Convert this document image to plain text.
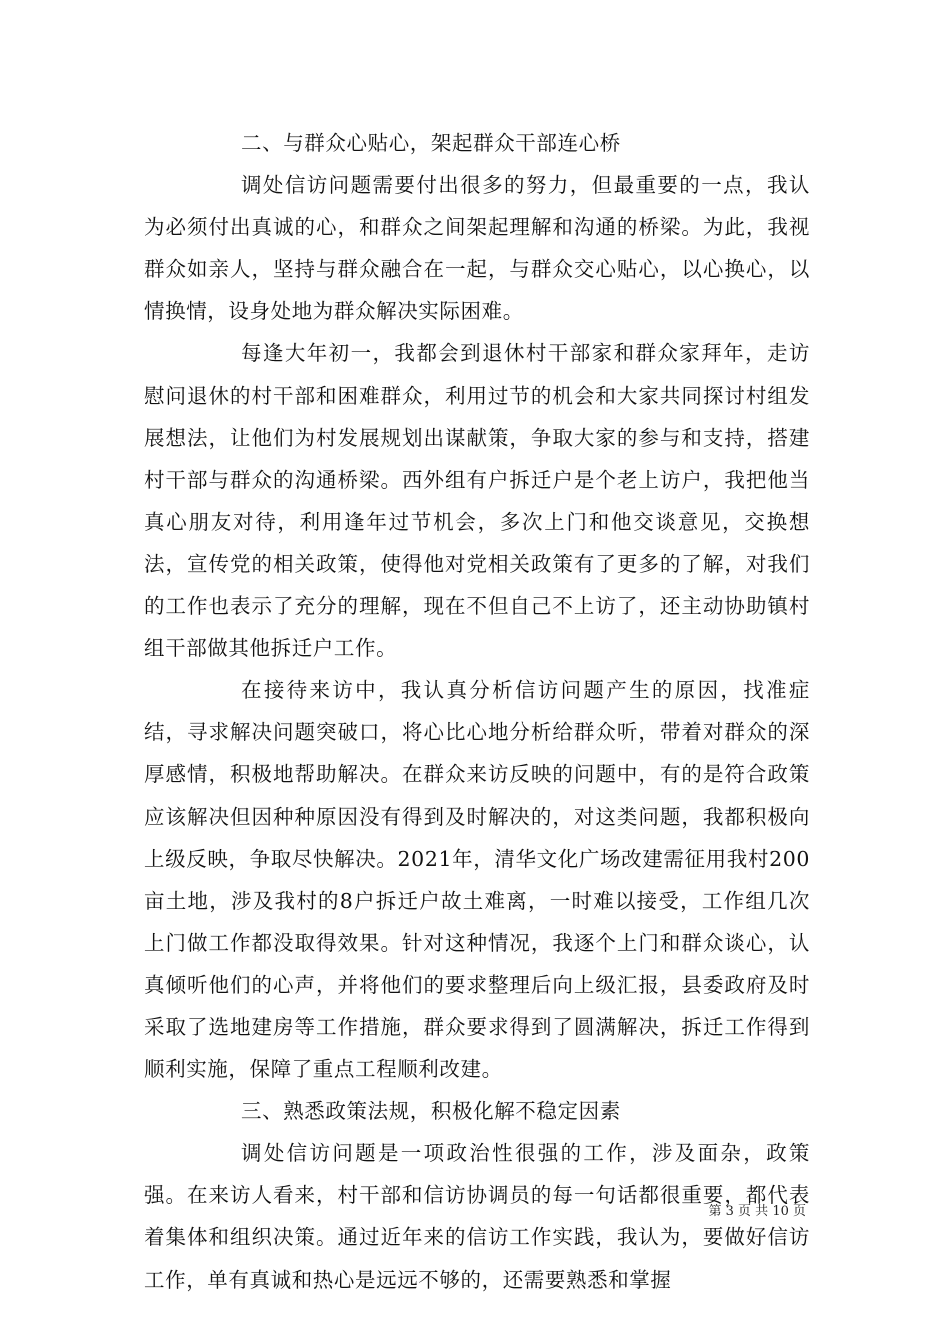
二、与群众心贴心，架起群众干部连心桥

调处信访问题需要付出很多的努力，但最重要的一点，我认为必须付出真诚的心，和群众之间架起理解和沟通的桥梁。为此，我视群众如亲人，坚持与群众融合在一起，与群众交心贴心，以心换心，以情换情，设身处地为群众解决实际困难。

每逢大年初一，我都会到退休村干部家和群众家拜年，走访慰问退休的村干部和困难群众，利用过节的机会和大家共同探讨村组发展想法，让他们为村发展规划出谋献策，争取大家的参与和支持，搭建村干部与群众的沟通桥梁。西外组有户拆迁户是个老上访户，我把他当真心朋友对待，利用逢年过节机会，多次上门和他交谈意见，交换想法，宣传党的相关政策，使得他对党相关政策有了更多的了解，对我们的工作也表示了充分的理解，现在不但自己不上访了，还主动协助镇村组干部做其他拆迁户工作。

在接待来访中，我认真分析信访问题产生的原因，找准症结，寻求解决问题突破口，将心比心地分析给群众听，带着对群众的深厚感情，积极地帮助解决。在群众来访反映的问题中，有的是符合政策应该解决但因种种原因没有得到及时解决的，对这类问题，我都积极向上级反映，争取尽快解决。2021年，清华文化广场改建需征用我村200亩土地，涉及我村的8户拆迁户故土难离，一时难以接受，工作组几次上门做工作都没取得效果。针对这种情况，我逐个上门和群众谈心，认真倾听他们的心声，并将他们的要求整理后向上级汇报，县委政府及时采取了选地建房等工作措施，群众要求得到了圆满解决，拆迁工作得到顺利实施，保障了重点工程顺利改建。

三、熟悉政策法规，积极化解不稳定因素

调处信访问题是一项政治性很强的工作，涉及面杂，政策强。在来访人看来，村干部和信访协调员的每一句话都很重要，都代表着集体和组织决策。通过近年来的信访工作实践，我认为，要做好信访工作，单有真诚和热心是远远不够的，还需要熟悉和掌握

第 3 页 共 10 页
